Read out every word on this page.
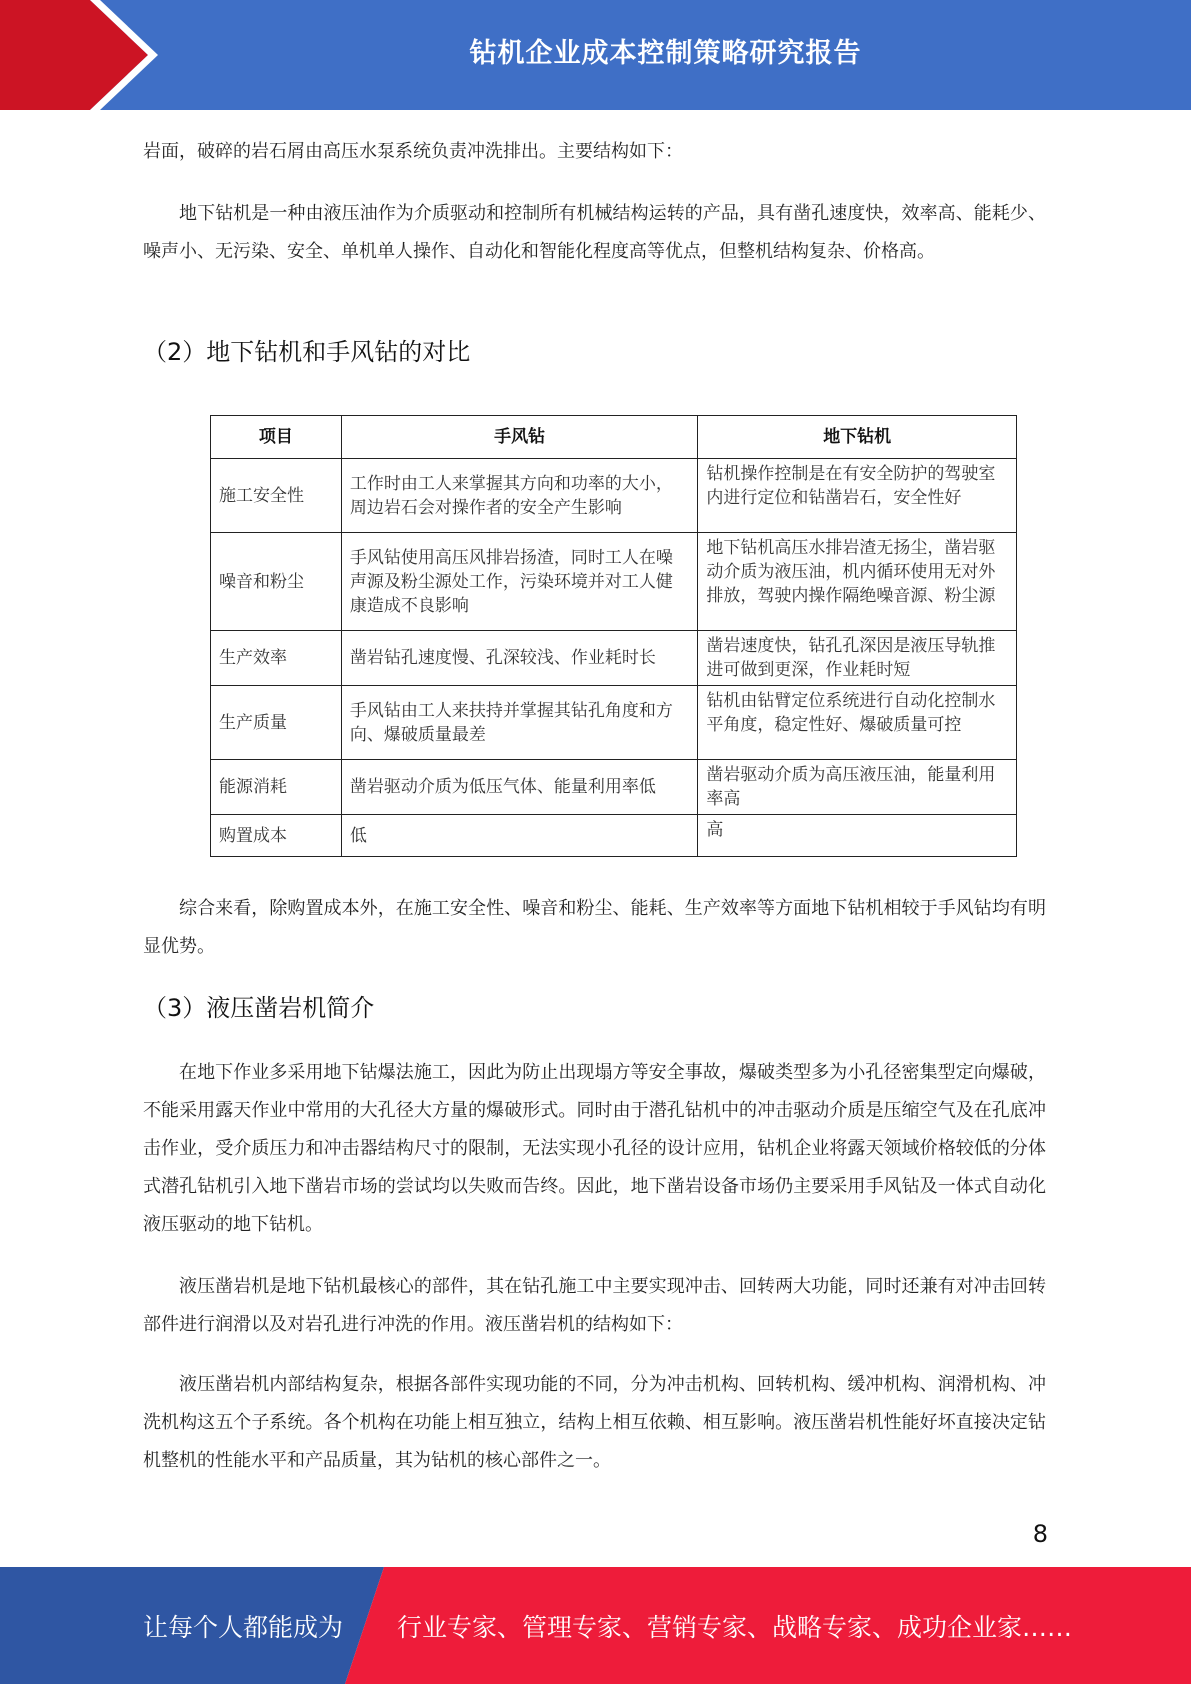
钻机企业成本控制策略研究报告

岩面，破碎的岩石屑由高压水泵系统负责冲洗排出。主要结构如下：

地下钻机是一种由液压油作为介质驱动和控制所有机械结构运转的产品，具有凿孔速度快，效率高、能耗少、噪声小、无污染、安全、单机单人操作、自动化和智能化程度高等优点，但整机结构复杂、价格高。

（2）地下钻机和手风钻的对比
项目	手风钻	地下钻机
施工安全性	工作时由工人来掌握其方向和功率的大小，周边岩石会对操作者的安全产生影响	钻机操作控制是在有安全防护的驾驶室内进行定位和钻凿岩石，安全性好
噪音和粉尘	手风钻使用高压风排岩扬渣，同时工人在噪声源及粉尘源处工作，污染环境并对工人健康造成不良影响	地下钻机高压水排岩渣无扬尘，凿岩驱动介质为液压油，机内循环使用无对外排放，驾驶内操作隔绝噪音源、粉尘源
生产效率	凿岩钻孔速度慢、孔深较浅、作业耗时长	凿岩速度快，钻孔孔深因是液压导轨推进可做到更深，作业耗时短
生产质量	手风钻由工人来扶持并掌握其钻孔角度和方向、爆破质量最差	钻机由钻臂定位系统进行自动化控制水平角度，稳定性好、爆破质量可控
能源消耗	凿岩驱动介质为低压气体、能量利用率低	凿岩驱动介质为高压液压油，能量利用率高
购置成本	低	高

综合来看，除购置成本外，在施工安全性、噪音和粉尘、能耗、生产效率等方面地下钻机相较于手风钻均有明显优势。

（3）液压凿岩机简介

在地下作业多采用地下钻爆法施工，因此为防止出现塌方等安全事故，爆破类型多为小孔径密集型定向爆破，不能采用露天作业中常用的大孔径大方量的爆破形式。同时由于潜孔钻机中的冲击驱动介质是压缩空气及在孔底冲击作业，受介质压力和冲击器结构尺寸的限制，无法实现小孔径的设计应用，钻机企业将露天领域价格较低的分体式潜孔钻机引入地下凿岩市场的尝试均以失败而告终。因此，地下凿岩设备市场仍主要采用手风钻及一体式自动化液压驱动的地下钻机。

液压凿岩机是地下钻机最核心的部件，其在钻孔施工中主要实现冲击、回转两大功能，同时还兼有对冲击回转部件进行润滑以及对岩孔进行冲洗的作用。液压凿岩机的结构如下：

液压凿岩机内部结构复杂，根据各部件实现功能的不同，分为冲击机构、回转机构、缓冲机构、润滑机构、冲洗机构这五个子系统。各个机构在功能上相互独立，结构上相互依赖、相互影响。液压凿岩机性能好坏直接决定钻机整机的性能水平和产品质量，其为钻机的核心部件之一。

8
让每个人都能成为 行业专家、管理专家、营销专家、战略专家、成功企业家……
